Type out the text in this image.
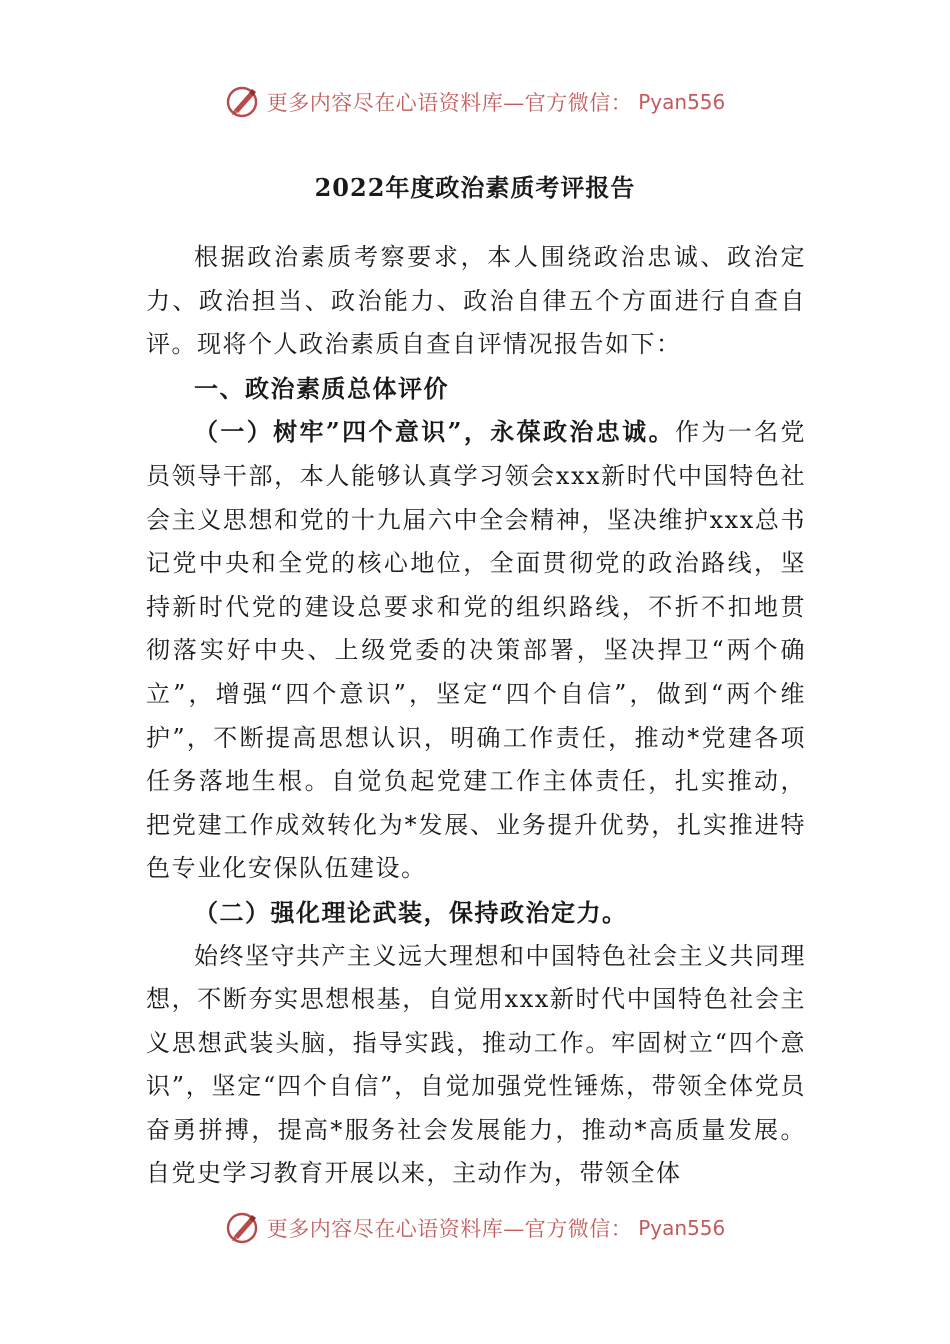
更多内容尽在心语资料库—官方微信： Pyan556
2022年度政治素质考评报告

根据政治素质考察要求，本人围绕政治忠诚、政治定力、政治担当、政治能力、政治自律五个方面进行自查自评。现将个人政治素质自查自评情况报告如下：

一、政治素质总体评价

（一）树牢”四个意识”，永葆政治忠诚。作为一名党员领导干部，本人能够认真学习领会xxx新时代中国特色社会主义思想和党的十九届六中全会精神，坚决维护xxx总书记党中央和全党的核心地位，全面贯彻党的政治路线，坚持新时代党的建设总要求和党的组织路线，不折不扣地贯彻落实好中央、上级党委的决策部署，坚决捍卫“两个确立”，增强“四个意识”，坚定“四个自信”，做到“两个维护”，不断提高思想认识，明确工作责任，推动*党建各项任务落地生根。自觉负起党建工作主体责任，扎实推动，把党建工作成效转化为*发展、业务提升优势，扎实推进特色专业化安保队伍建设。

（二）强化理论武装，保持政治定力。

始终坚守共产主义远大理想和中国特色社会主义共同理想，不断夯实思想根基，自觉用xxx新时代中国特色社会主义思想武装头脑，指导实践，推动工作。牢固树立“四个意识”，坚定“四个自信”，自觉加强党性锤炼，带领全体党员奋勇拼搏，提高*服务社会发展能力，推动*高质量发展。自党史学习教育开展以来，主动作为，带领全体

更多内容尽在心语资料库—官方微信： Pyan556
